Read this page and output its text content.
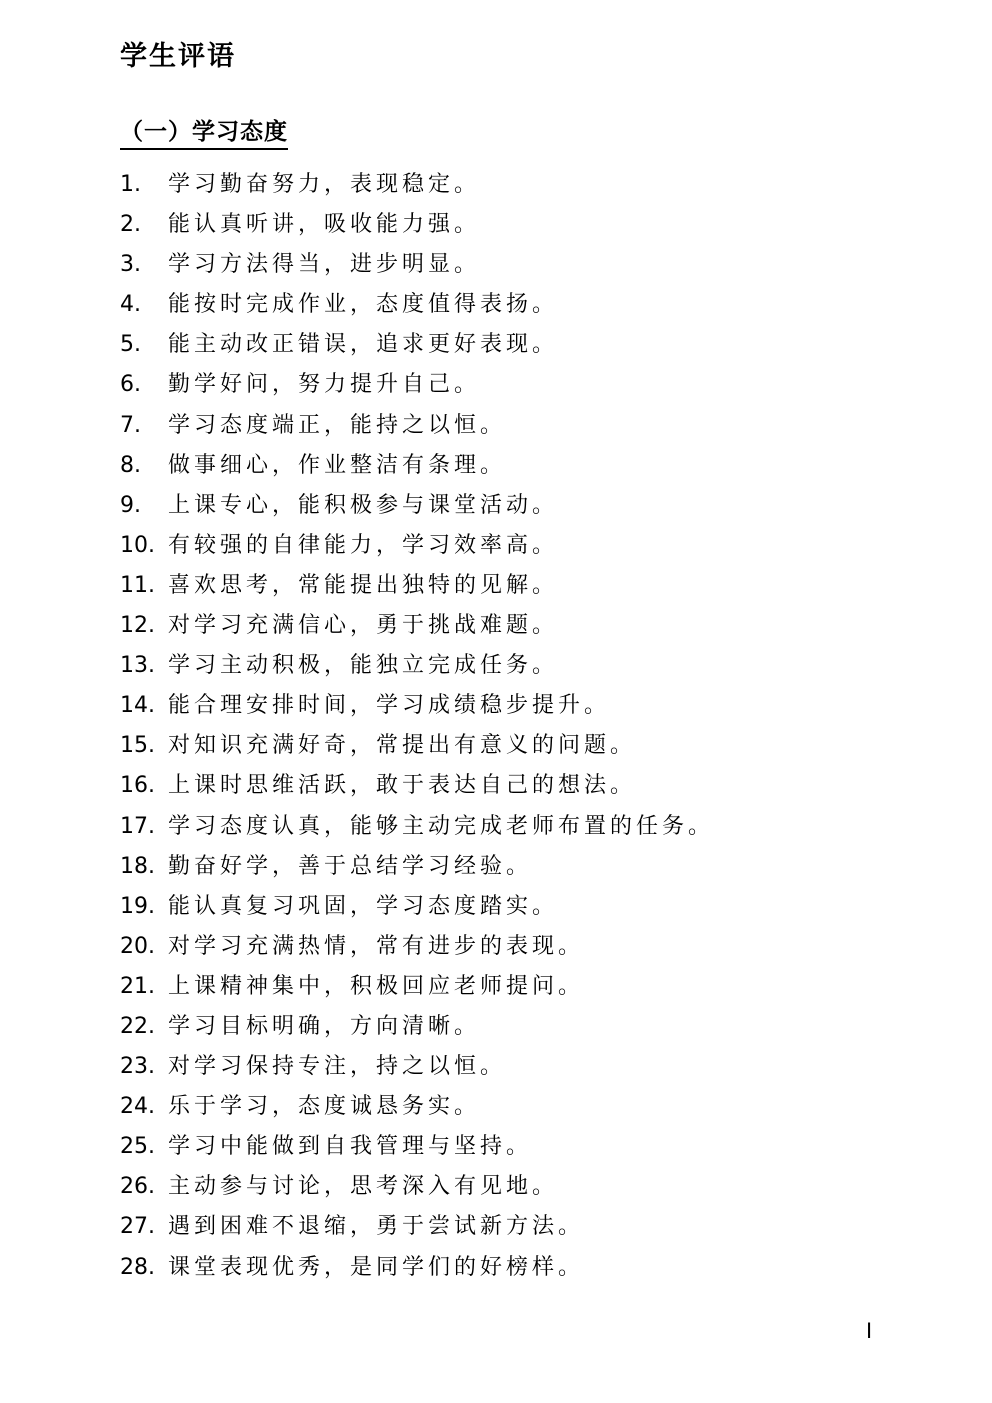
学生评语
（一）学习态度
1. 学习勤奋努力，表现稳定。
2. 能认真听讲，吸收能力强。
3. 学习方法得当，进步明显。
4. 能按时完成作业，态度值得表扬。
5. 能主动改正错误，追求更好表现。
6. 勤学好问，努力提升自己。
7. 学习态度端正，能持之以恒。
8. 做事细心，作业整洁有条理。
9. 上课专心，能积极参与课堂活动。
10. 有较强的自律能力，学习效率高。
11. 喜欢思考，常能提出独特的见解。
12. 对学习充满信心，勇于挑战难题。
13. 学习主动积极，能独立完成任务。
14. 能合理安排时间，学习成绩稳步提升。
15. 对知识充满好奇，常提出有意义的问题。
16. 上课时思维活跃，敢于表达自己的想法。
17. 学习态度认真，能够主动完成老师布置的任务。
18. 勤奋好学，善于总结学习经验。
19. 能认真复习巩固，学习态度踏实。
20. 对学习充满热情，常有进步的表现。
21. 上课精神集中，积极回应老师提问。
22. 学习目标明确，方向清晰。
23. 对学习保持专注，持之以恒。
24. 乐于学习，态度诚恳务实。
25. 学习中能做到自我管理与坚持。
26. 主动参与讨论，思考深入有见地。
27. 遇到困难不退缩，勇于尝试新方法。
28. 课堂表现优秀，是同学们的好榜样。
I
